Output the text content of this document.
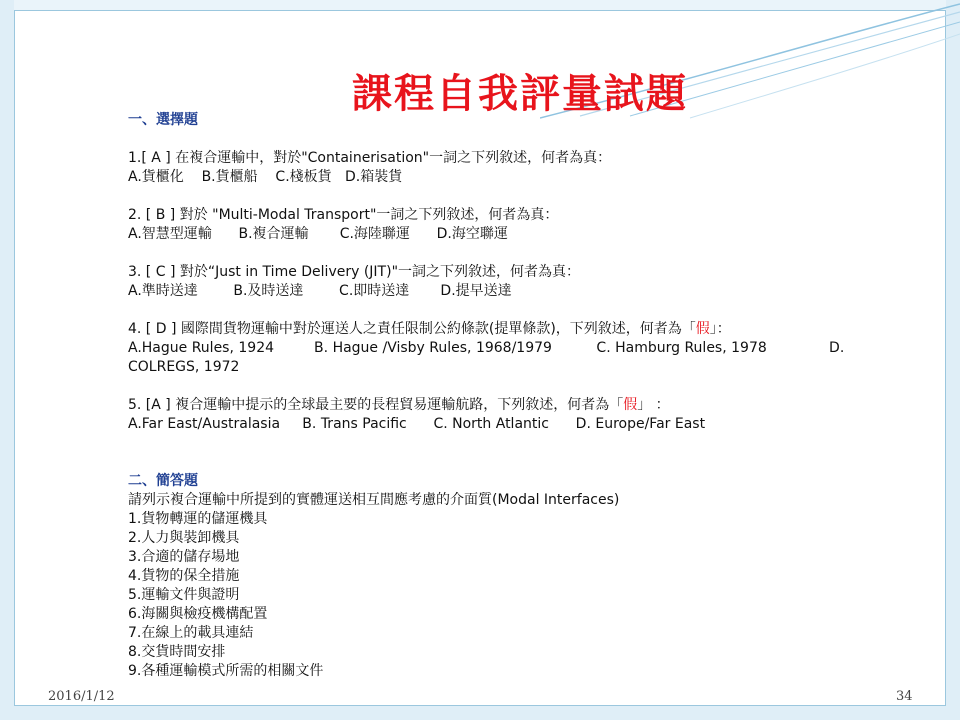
課程自我評量試題
一、選擇題
1.[ A ] 在複合運輸中，對於"Containerisation"一詞之下列敘述，何者為真：
A.貨櫃化    B.貨櫃船    C.棧板貨   D.箱裝貨
2. [ B ] 對於 "Multi-Modal Transport"一詞之下列敘述，何者為真：
A.智慧型運輸      B.複合運輸       C.海陸聯運      D.海空聯運
3. [ C ] 對於“Just in Time Delivery (JIT)"一詞之下列敘述，何者為真：
A.準時送達        B.及時送達        C.即時送達       D.提早送達
4. [ D ] 國際間貨物運輸中對於運送人之責任限制公約條款(提單條款)，下列敘述，何者為「假」：
A.Hague Rules, 1924         B. Hague /Visby Rules, 1968/1979          C. Hamburg Rules, 1978              D.
COLREGS, 1972
5. [A ] 複合運輸中提示的全球最主要的長程貿易運輸航路，下列敘述，何者為「假」 ：
A.Far East/Australasia     B. Trans Pacific      C. North Atlantic      D. Europe/Far East
二、簡答題
請列示複合運輸中所提到的實體運送相互間應考慮的介面質(Modal Interfaces)
1.貨物轉運的儲運機具
2.人力與裝卸機具
3.合適的儲存場地
4.貨物的保全措施
5.運輸文件與證明
6.海關與檢疫機構配置
7.在線上的載具連結
8.交貨時間安排
9.各種運輸模式所需的相關文件
2016/1/12	34
